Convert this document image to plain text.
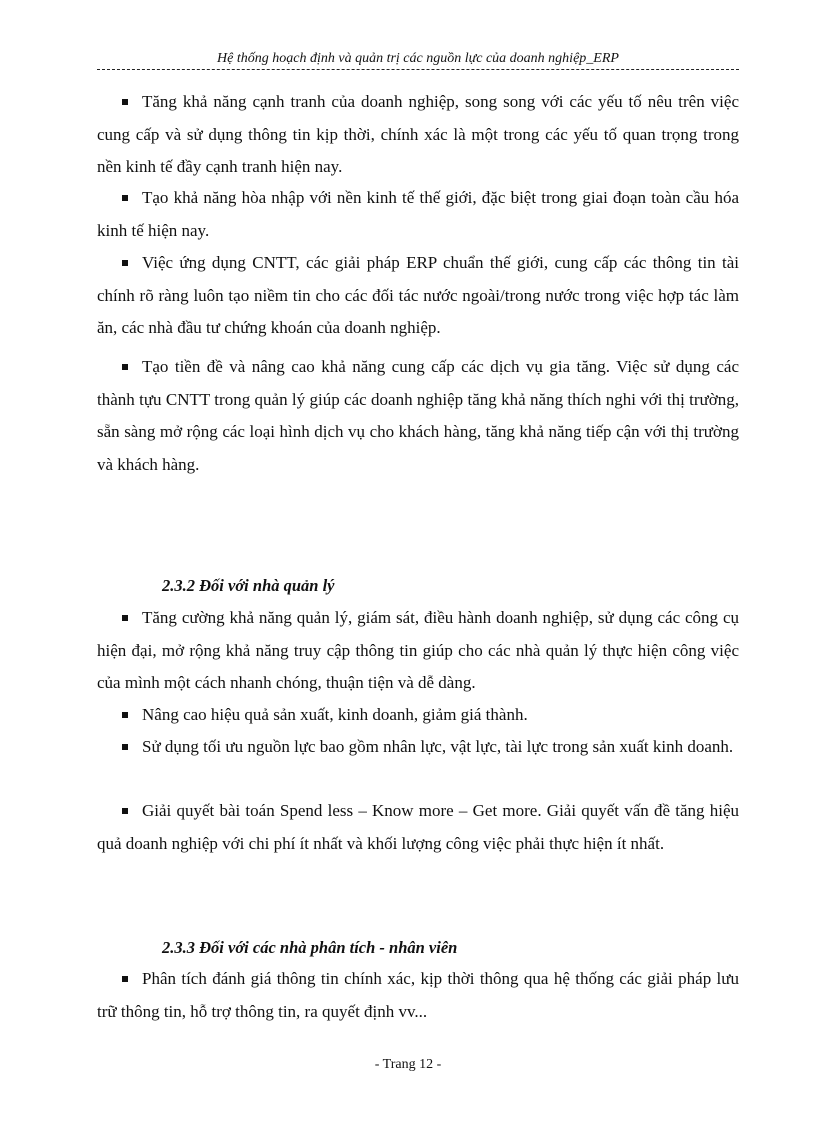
Hệ thống hoạch định và quản trị các nguồn lực của doanh nghiệp_ERP

Tăng khả năng cạnh tranh của doanh nghiệp, song song với các yếu tố nêu trên việc cung cấp và sử dụng thông tin kịp thời, chính xác là một trong các yếu tố quan trọng trong nền kinh tế đầy cạnh tranh hiện nay.

Tạo khả năng hòa nhập với nền kinh tế thế giới, đặc biệt trong giai đoạn toàn cầu hóa kinh tế hiện nay.

Việc ứng dụng CNTT, các giải pháp ERP chuẩn thế giới, cung cấp các thông tin tài chính rõ ràng luôn tạo niềm tin cho các đối tác nước ngoài/trong nước trong việc hợp tác làm ăn, các nhà đầu tư chứng khoán của doanh nghiệp.

Tạo tiền đề và nâng cao khả năng cung cấp các dịch vụ gia tăng. Việc sử dụng các thành tựu CNTT trong quản lý giúp các doanh nghiệp tăng khả năng thích nghi với thị trường, sẵn sàng mở rộng các loại hình dịch vụ cho khách hàng, tăng khả năng tiếp cận với thị trường và khách hàng.

2.3.2 Đối với nhà quản lý

Tăng cường khả năng quản lý, giám sát, điều hành doanh nghiệp, sử dụng các công cụ hiện đại, mở rộng khả năng truy cập thông tin giúp cho các nhà quản lý thực hiện công việc của mình một cách nhanh chóng, thuận tiện và dễ dàng.

Nâng cao hiệu quả sản xuất, kinh doanh, giảm giá thành.

Sử dụng tối ưu nguồn lực bao gồm nhân lực, vật lực, tài lực trong sản xuất kinh doanh.

Giải quyết bài toán Spend less – Know more – Get more. Giải quyết vấn đề tăng hiệu quả doanh nghiệp với chi phí ít nhất và khối lượng công việc phải thực hiện ít nhất.

2.3.3 Đối với các nhà phân tích - nhân viên

Phân tích đánh giá thông tin chính xác, kịp thời thông qua hệ thống các giải pháp lưu trữ thông tin, hỗ trợ thông tin, ra quyết định vv...

- Trang 12 -
